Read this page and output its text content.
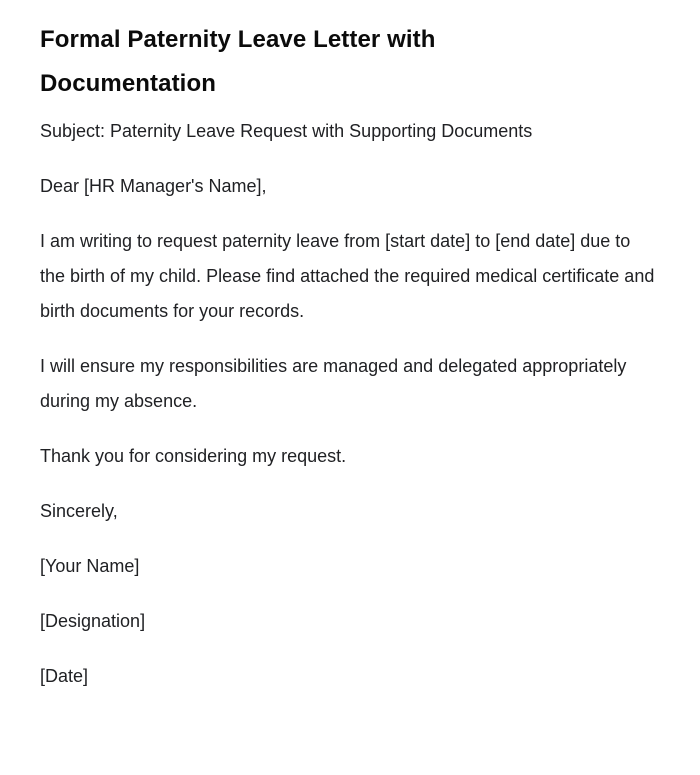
Formal Paternity Leave Letter with Documentation

Subject: Paternity Leave Request with Supporting Documents

Dear [HR Manager's Name],

I am writing to request paternity leave from [start date] to [end date] due to the birth of my child. Please find attached the required medical certificate and birth documents for your records.

I will ensure my responsibilities are managed and delegated appropriately during my absence.

Thank you for considering my request.

Sincerely,

[Your Name]

[Designation]

[Date]
